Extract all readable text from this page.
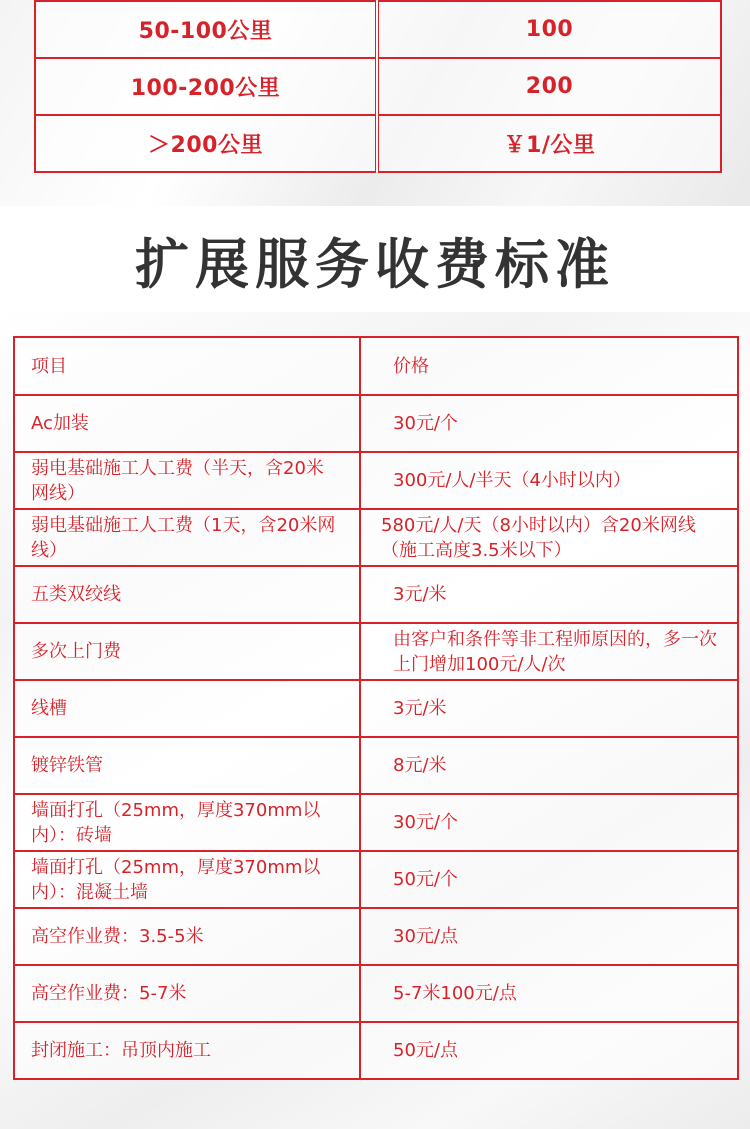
50-100公里	100
100-200公里	200
＞200公里	￥1/公里
扩展服务收费标准
项目	价格
Ac加装	30元/个
弱电基础施工人工费（半天，含20米网线）	300元/人/半天（4小时以内）
弱电基础施工人工费（1天，含20米网线）	580元/人/天（8小时以内）含20米网线 （施工高度3.5米以下）
五类双绞线	3元/米
多次上门费	由客户和条件等非工程师原因的，多一次上门增加100元/人/次
线槽	3元/米
镀锌铁管	8元/米
墙面打孔（25mm，厚度370mm以内）：砖墙	30元/个
墙面打孔（25mm，厚度370mm以内）：混凝土墙	50元/个
高空作业费：3.5-5米	30元/点
高空作业费：5-7米	5-7米100元/点
封闭施工：吊顶内施工	50元/点
